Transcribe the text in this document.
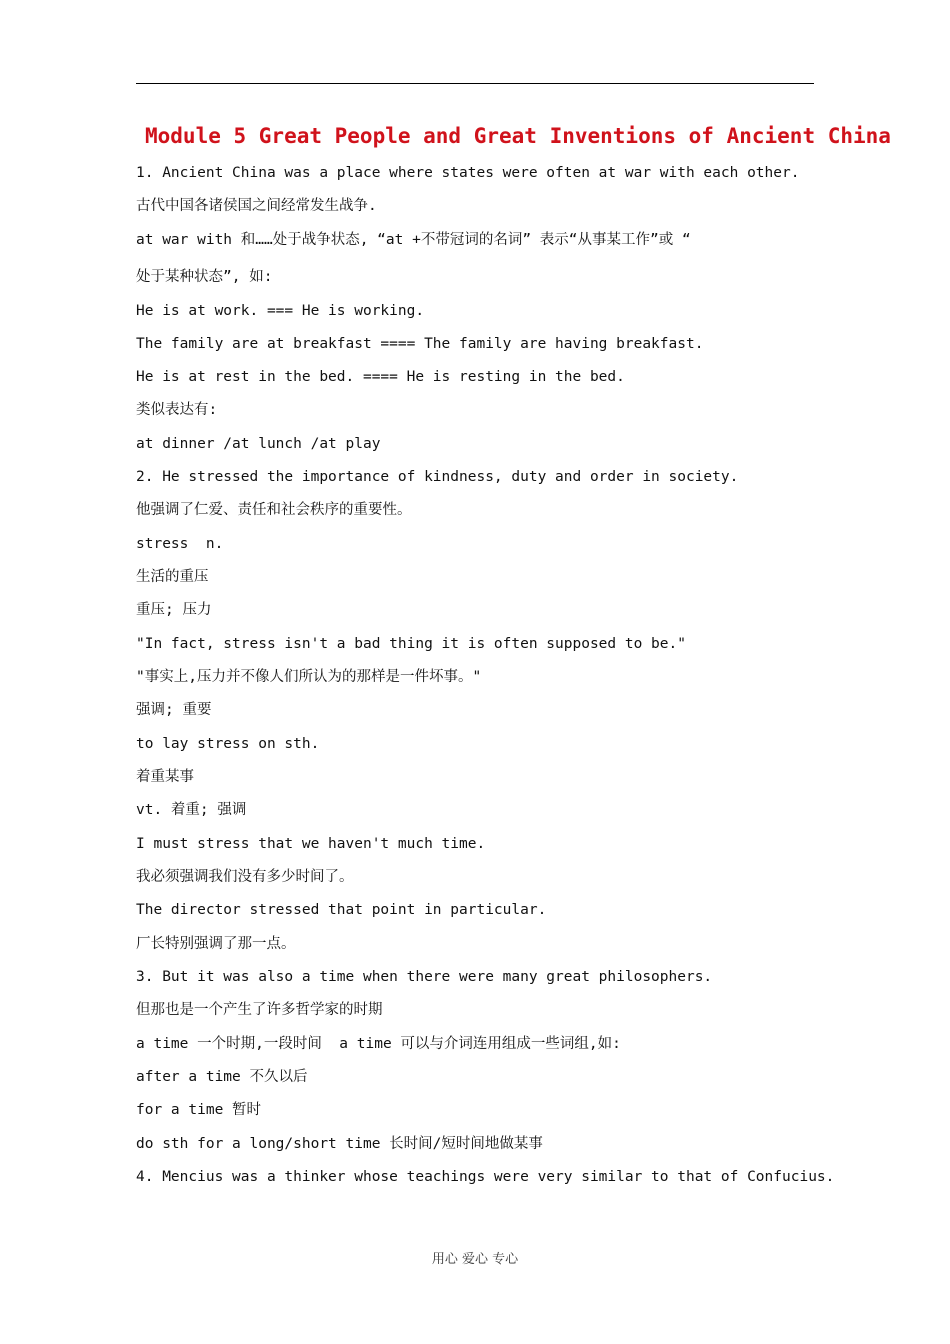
Module 5 Great People and Great Inventions of Ancient China
1. Ancient China was a place where states were often at war with each other.
古代中国各诸侯国之间经常发生战争.
at war with 和……处于战争状态, “at +不带冠词的名词” 表示“从事某工作”或 “
处于某种状态”, 如:
He is at work. === He is working.
The family are at breakfast ==== The family are having breakfast.
He is at rest in the bed. ==== He is resting in the bed.
类似表达有:
at dinner /at lunch /at play
2. He stressed the importance of kindness, duty and order in society.
他强调了仁爱、责任和社会秩序的重要性。
stress  n.
生活的重压
重压; 压力
"In fact, stress isn't a bad thing it is often supposed to be."
"事实上,压力并不像人们所认为的那样是一件坏事。"
强调; 重要
to lay stress on sth.
着重某事
vt. 着重; 强调
I must stress that we haven't much time.
我必须强调我们没有多少时间了。
The director stressed that point in particular.
厂长特别强调了那一点。
3. But it was also a time when there were many great philosophers.
但那也是一个产生了许多哲学家的时期
a time 一个时期,一段时间  a time 可以与介词连用组成一些词组,如:
after a time 不久以后
for a time 暂时
do sth for a long/short time 长时间/短时间地做某事
4. Mencius was a thinker whose teachings were very similar to that of Confucius.
用心 爱心 专心
